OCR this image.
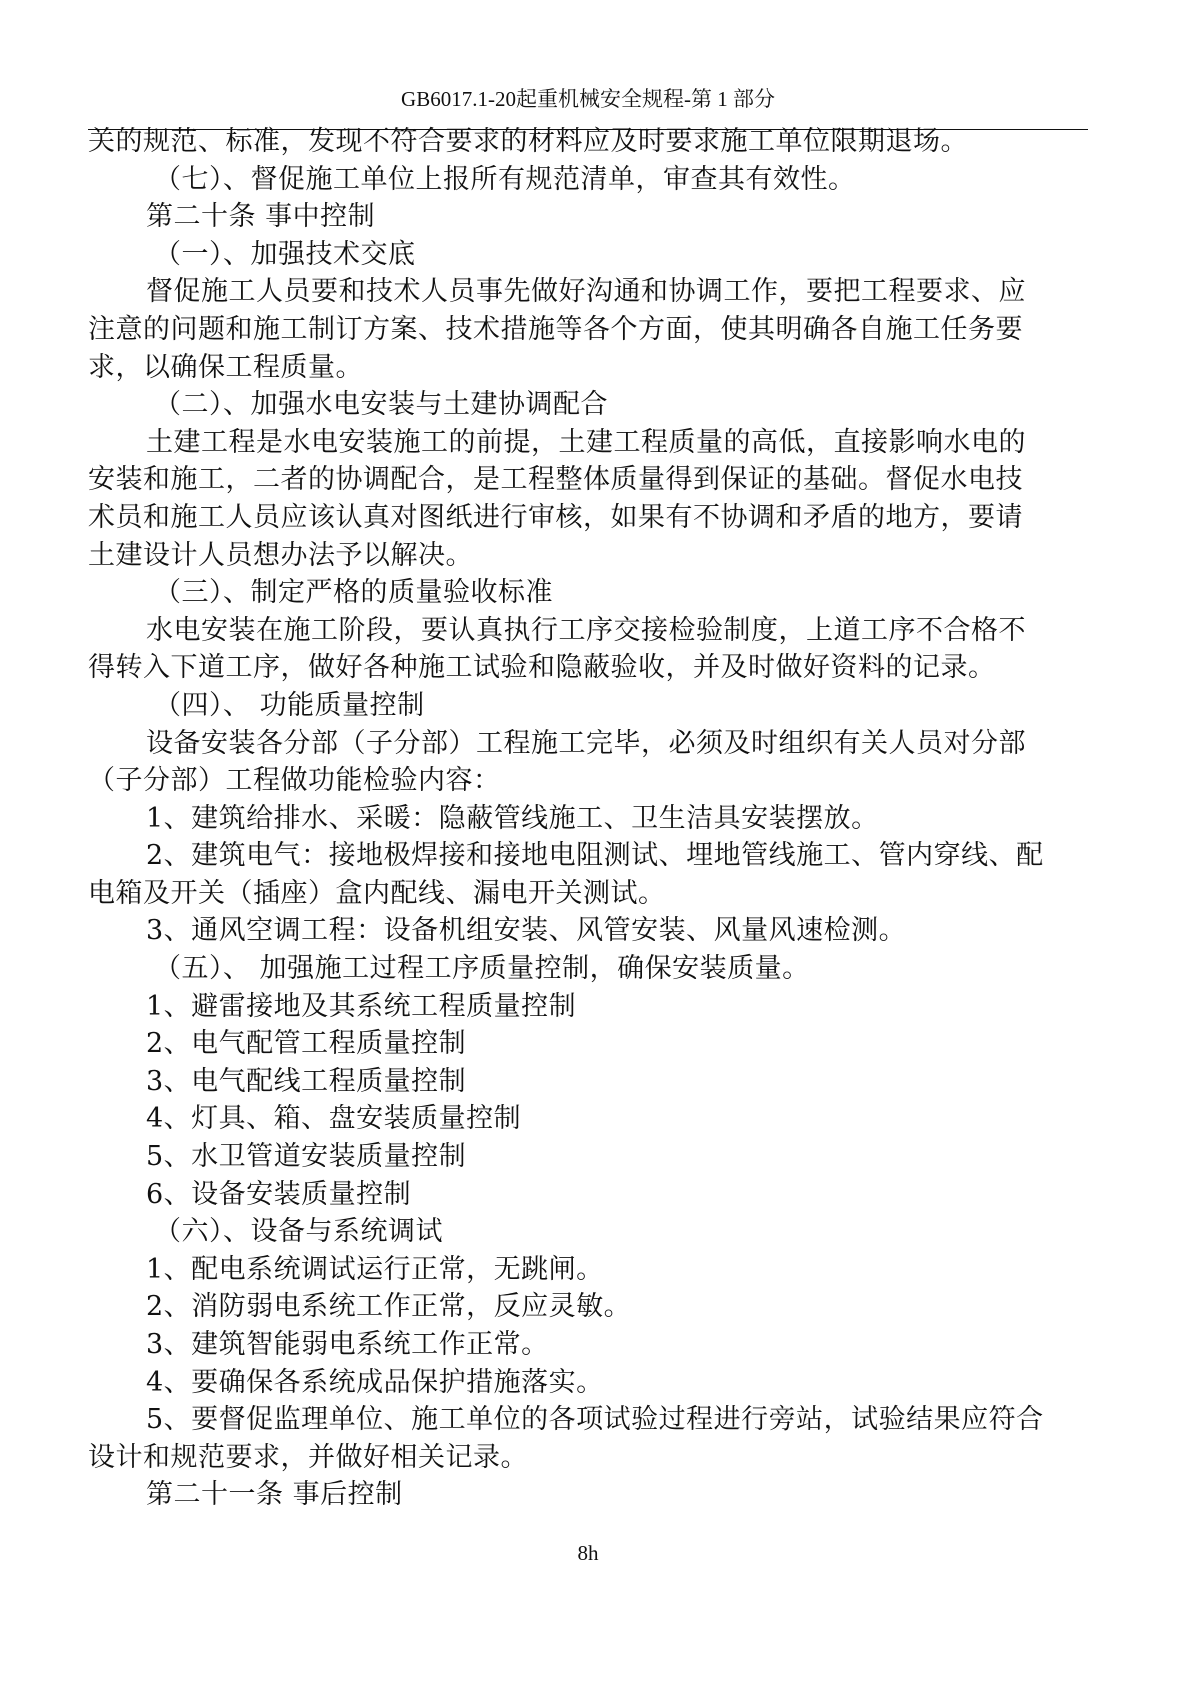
GB6017.1-20起重机械安全规程-第 1 部分
关的规范、标准，发现不符合要求的材料应及时要求施工单位限期退场。
（七）、督促施工单位上报所有规范清单，审查其有效性。
第二十条 事中控制
（一）、加强技术交底
督促施工人员要和技术人员事先做好沟通和协调工作，要把工程要求、应
注意的问题和施工制订方案、技术措施等各个方面，使其明确各自施工任务要
求，以确保工程质量。
（二）、加强水电安装与土建协调配合
土建工程是水电安装施工的前提，土建工程质量的高低，直接影响水电的
安装和施工，二者的协调配合，是工程整体质量得到保证的基础。督促水电技
术员和施工人员应该认真对图纸进行审核，如果有不协调和矛盾的地方，要请
土建设计人员想办法予以解决。
（三）、制定严格的质量验收标准
水电安装在施工阶段，要认真执行工序交接检验制度，上道工序不合格不
得转入下道工序，做好各种施工试验和隐蔽验收，并及时做好资料的记录。
（四）、 功能质量控制
设备安装各分部（子分部）工程施工完毕，必须及时组织有关人员对分部
（子分部）工程做功能检验内容：
1、建筑给排水、采暖：隐蔽管线施工、卫生洁具安装摆放。
2、建筑电气：接地极焊接和接地电阻测试、埋地管线施工、管内穿线、配
电箱及开关（插座）盒内配线、漏电开关测试。
3、通风空调工程：设备机组安装、风管安装、风量风速检测。
（五）、 加强施工过程工序质量控制，确保安装质量。
1、避雷接地及其系统工程质量控制
2、电气配管工程质量控制
3、电气配线工程质量控制
4、灯具、箱、盘安装质量控制
5、水卫管道安装质量控制
6、设备安装质量控制
（六）、设备与系统调试
1、配电系统调试运行正常，无跳闸。
2、消防弱电系统工作正常，反应灵敏。
3、建筑智能弱电系统工作正常。
4、要确保各系统成品保护措施落实。
5、要督促监理单位、施工单位的各项试验过程进行旁站，试验结果应符合
设计和规范要求，并做好相关记录。
第二十一条 事后控制
8h
